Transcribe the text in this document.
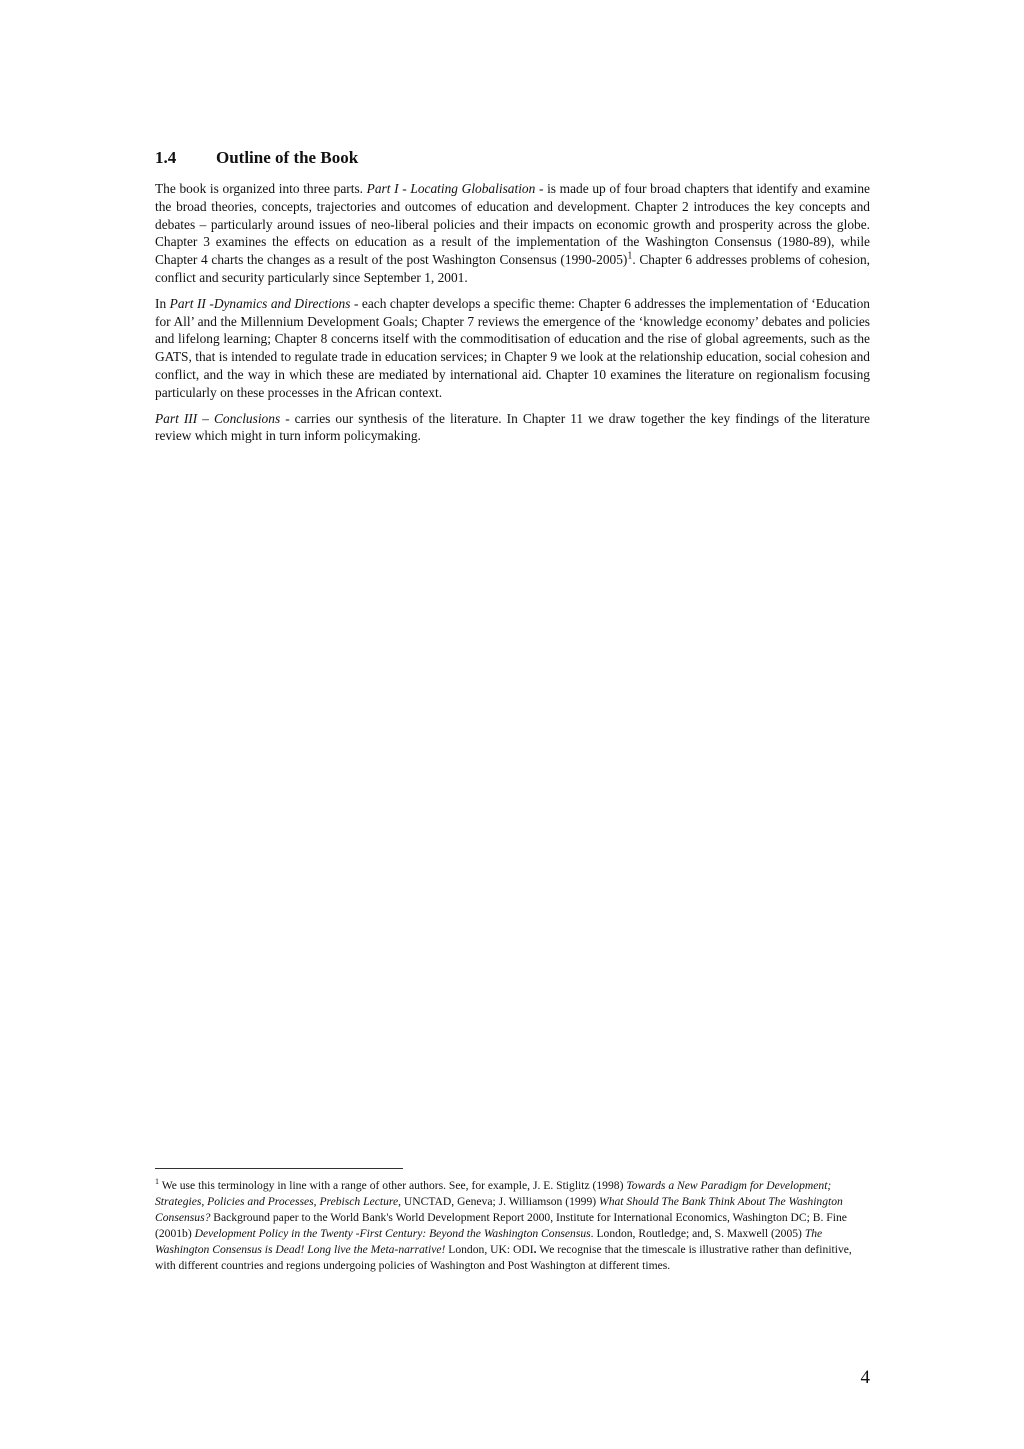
1.4 Outline of the Book

The book is organized into three parts. Part I - Locating Globalisation - is made up of four broad chapters that identify and examine the broad theories, concepts, trajectories and outcomes of education and development. Chapter 2 introduces the key concepts and debates – particularly around issues of neo-liberal policies and their impacts on economic growth and prosperity across the globe. Chapter 3 examines the effects on education as a result of the implementation of the Washington Consensus (1980-89), while Chapter 4 charts the changes as a result of the post Washington Consensus (1990-2005)$^1$. Chapter 6 addresses problems of cohesion, conflict and security particularly since September 1, 2001.

In Part II -Dynamics and Directions - each chapter develops a specific theme: Chapter 6 addresses the implementation of ‘Education for All’ and the Millennium Development Goals; Chapter 7 reviews the emergence of the ‘knowledge economy’ debates and policies and lifelong learning; Chapter 8 concerns itself with the commoditisation of education and the rise of global agreements, such as the GATS, that is intended to regulate trade in education services; in Chapter 9 we look at the relationship education, social cohesion and conflict, and the way in which these are mediated by international aid. Chapter 10 examines the literature on regionalism focusing particularly on these processes in the African context.

Part III – Conclusions - carries our synthesis of the literature. In Chapter 11 we draw together the key findings of the literature review which might in turn inform policymaking.

$^1$ We use this terminology in line with a range of other authors. See, for example, J. E. Stiglitz (1998) Towards a New Paradigm for Development; Strategies, Policies and Processes, Prebisch Lecture, UNCTAD, Geneva; J. Williamson (1999) What Should The Bank Think About The Washington Consensus? Background paper to the World Bank's World Development Report 2000, Institute for International Economics, Washington DC; B. Fine (2001b) Development Policy in the Twenty -First Century: Beyond the Washington Consensus. London, Routledge; and, S. Maxwell (2005) The Washington Consensus is Dead! Long live the Meta-narrative! London, UK: ODI. We recognise that the timescale is illustrative rather than definitive, with different countries and regions undergoing policies of Washington and Post Washington at different times.

4
